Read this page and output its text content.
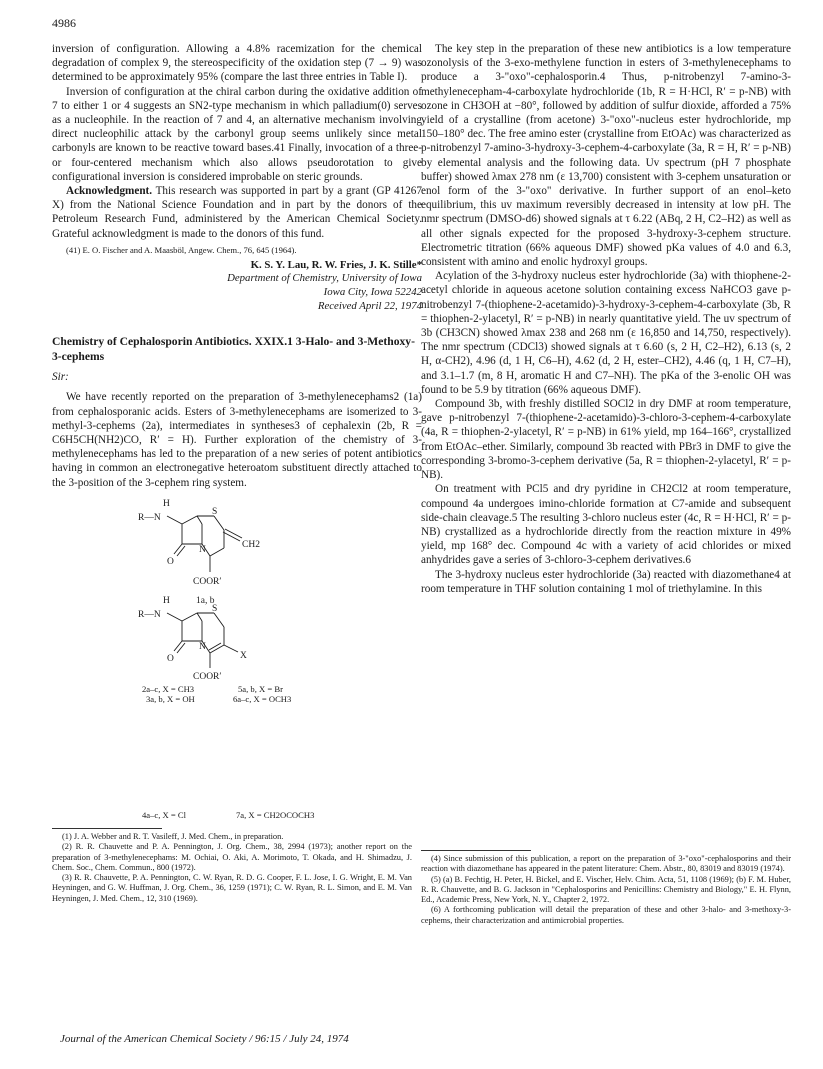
4986

inversion of configuration. Allowing a 4.8% racemization for the chemical degradation of complex 9, the stereospecificity of the oxidation step (7 → 9) was determined to be approximately 95% (compare the last three entries in Table I).

Inversion of configuration at the chiral carbon during the oxidative addition of 7 to either 1 or 4 suggests an SN2-type mechanism in which palladium(0) serves as a nucleophile. In the reaction of 7 and 4, an alternative mechanism involving direct nucleophilic attack by the carbonyl group seems unlikely since metal carbonyls are known to be reactive toward bases.41 Finally, invocation of a three- or four-centered mechanism which also allows pseudorotation to give configurational inversion is considered improbable on steric grounds.

Acknowledgment. This research was supported in part by a grant (GP 41267 X) from the National Science Foundation and in part by the donors of the Petroleum Research Fund, administered by the American Chemical Society. Grateful acknowledgment is made to the donors of this fund.

(41) E. O. Fischer and A. Maasböl, Angew. Chem., 76, 645 (1964).

K. S. Y. Lau, R. W. Fries, J. K. Stille*
Department of Chemistry, University of Iowa
Iowa City, Iowa 52242
Received April 22, 1974
Chemistry of Cephalosporin Antibiotics. XXIX.1 3-Halo- and 3-Methoxy-3-cephems
Sir:

We have recently reported on the preparation of 3-methylenecephams2 (1a) from cephalosporanic acids. Esters of 3-methylenecephams are isomerized to 3-methyl-3-cephems (2a), intermediates in syntheses3 of cephalexin (2b, R = C6H5CH(NH2)CO, R′ = H). Further exploration of the chemistry of 3-methylenecephams has led to the preparation of a new series of potent antibiotics having in common an electronegative heteroatom substituent directly attached to the 3-position of the 3-cephem ring system.

R—N
H
S
N
O
CH2
COOR′
1a, b
R—N
H
S
N
O	X
COOR′
2a–c, X = CH3
3a, b, X = OH
5a, b, X = Br
6a–c, X = OCH3
4a–c, X = Cl	7a, X = CH2OCOCH3

(1) J. A. Webber and R. T. Vasileff, J. Med. Chem., in preparation.

(2) R. R. Chauvette and P. A. Pennington, J. Org. Chem., 38, 2994 (1973); another report on the preparation of 3-methylenecephams: M. Ochiai, O. Aki, A. Morimoto, T. Okada, and H. Shimadzu, J. Chem. Soc., Chem. Commun., 800 (1972).

(3) R. R. Chauvette, P. A. Pennington, C. W. Ryan, R. D. G. Cooper, F. L. Jose, I. G. Wright, E. M. Van Heyningen, and G. W. Huffman, J. Org. Chem., 36, 1259 (1971); C. W. Ryan, R. L. Simon, and E. M. Van Heyningen, J. Med. Chem., 12, 310 (1969).

The key step in the preparation of these new antibiotics is a low temperature ozonolysis of the 3-exo-methylene function in esters of 3-methylenecephams to produce a 3-"oxo"-cephalosporin.4 Thus, p-nitrobenzyl 7-amino-3-methylenecepham-4-carboxylate hydrochloride (1b, R = H·HCl, R′ = p-NB) with ozone in CH3OH at −80°, followed by addition of sulfur dioxide, afforded a 75% yield of a crystalline (from acetone) 3-"oxo"-nucleus ester hydrochloride, mp 150–180° dec. The free amino ester (crystalline from EtOAc) was characterized as p-nitrobenzyl 7-amino-3-hydroxy-3-cephem-4-carboxylate (3a, R = H, R′ = p-NB) by elemental analysis and the following data. Uv spectrum (pH 7 phosphate buffer) showed λmax 278 nm (ε 13,700) consistent with 3-cephem unsaturation or enol form of the 3-"oxo" derivative. In further support of an enol–keto equilibrium, this uv maximum reversibly decreased in intensity at low pH. The nmr spectrum (DMSO-d6) showed signals at τ 6.22 (ABq, 2 H, C2–H2) as well as all other signals expected for the proposed 3-hydroxy-3-cephem structure. Electrometric titration (66% aqueous DMF) showed pKa values of 4.0 and 6.3, consistent with amino and enolic hydroxyl groups.

Acylation of the 3-hydroxy nucleus ester hydrochloride (3a) with thiophene-2-acetyl chloride in aqueous acetone solution containing excess NaHCO3 gave p-nitrobenzyl 7-(thiophene-2-acetamido)-3-hydroxy-3-cephem-4-carboxylate (3b, R = thiophen-2-ylacetyl, R′ = p-NB) in nearly quantitative yield. The uv spectrum of 3b (CH3CN) showed λmax 238 and 268 nm (ε 16,850 and 14,750, respectively). The nmr spectrum (CDCl3) showed signals at τ 6.60 (s, 2 H, C2–H2), 6.13 (s, 2 H, α-CH2), 4.96 (d, 1 H, C6–H), 4.62 (d, 2 H, ester–CH2), 4.46 (q, 1 H, C7–H), and 3.1–1.7 (m, 8 H, aromatic H and C7–NH). The pKa of the 3-enolic OH was found to be 5.9 by titration (66% aqueous DMF).

Compound 3b, with freshly distilled SOCl2 in dry DMF at room temperature, gave p-nitrobenzyl 7-(thiophene-2-acetamido)-3-chloro-3-cephem-4-carboxylate (4a, R = thiophen-2-ylacetyl, R′ = p-NB) in 61% yield, mp 164–166°, crystallized from EtOAc–ether. Similarly, compound 3b reacted with PBr3 in DMF to give the corresponding 3-bromo-3-cephem derivative (5a, R = thiophen-2-ylacetyl, R′ = p-NB).

On treatment with PCl5 and dry pyridine in CH2Cl2 at room temperature, compound 4a undergoes imino-chloride formation at C7-amide and subsequent side-chain cleavage.5 The resulting 3-chloro nucleus ester (4c, R = H·HCl, R′ = p-NB) crystallized as a hydrochloride directly from the reaction mixture in 49% yield, mp 168° dec. Compound 4c with a variety of acid chlorides or mixed anhydrides gave a series of 3-chloro-3-cephem derivatives.6

The 3-hydroxy nucleus ester hydrochloride (3a) reacted with diazomethane4 at room temperature in THF solution containing 1 mol of triethylamine. In this

(4) Since submission of this publication, a report on the preparation of 3-"oxo"-cephalosporins and their reaction with diazomethane has appeared in the patent literature: Chem. Abstr., 80, 83019 and 83019 (1974).

(5) (a) B. Fechtig, H. Peter, H. Bickel, and E. Vischer, Helv. Chim. Acta, 51, 1108 (1969); (b) F. M. Huber, R. R. Chauvette, and B. G. Jackson in "Cephalosporins and Penicillins: Chemistry and Biology," E. H. Flynn, Ed., Academic Press, New York, N. Y., Chapter 2, 1972.

(6) A forthcoming publication will detail the preparation of these and other 3-halo- and 3-methoxy-3-cephems, their characterization and antimicrobial properties.

Journal of the American Chemical Society / 96:15 / July 24, 1974
